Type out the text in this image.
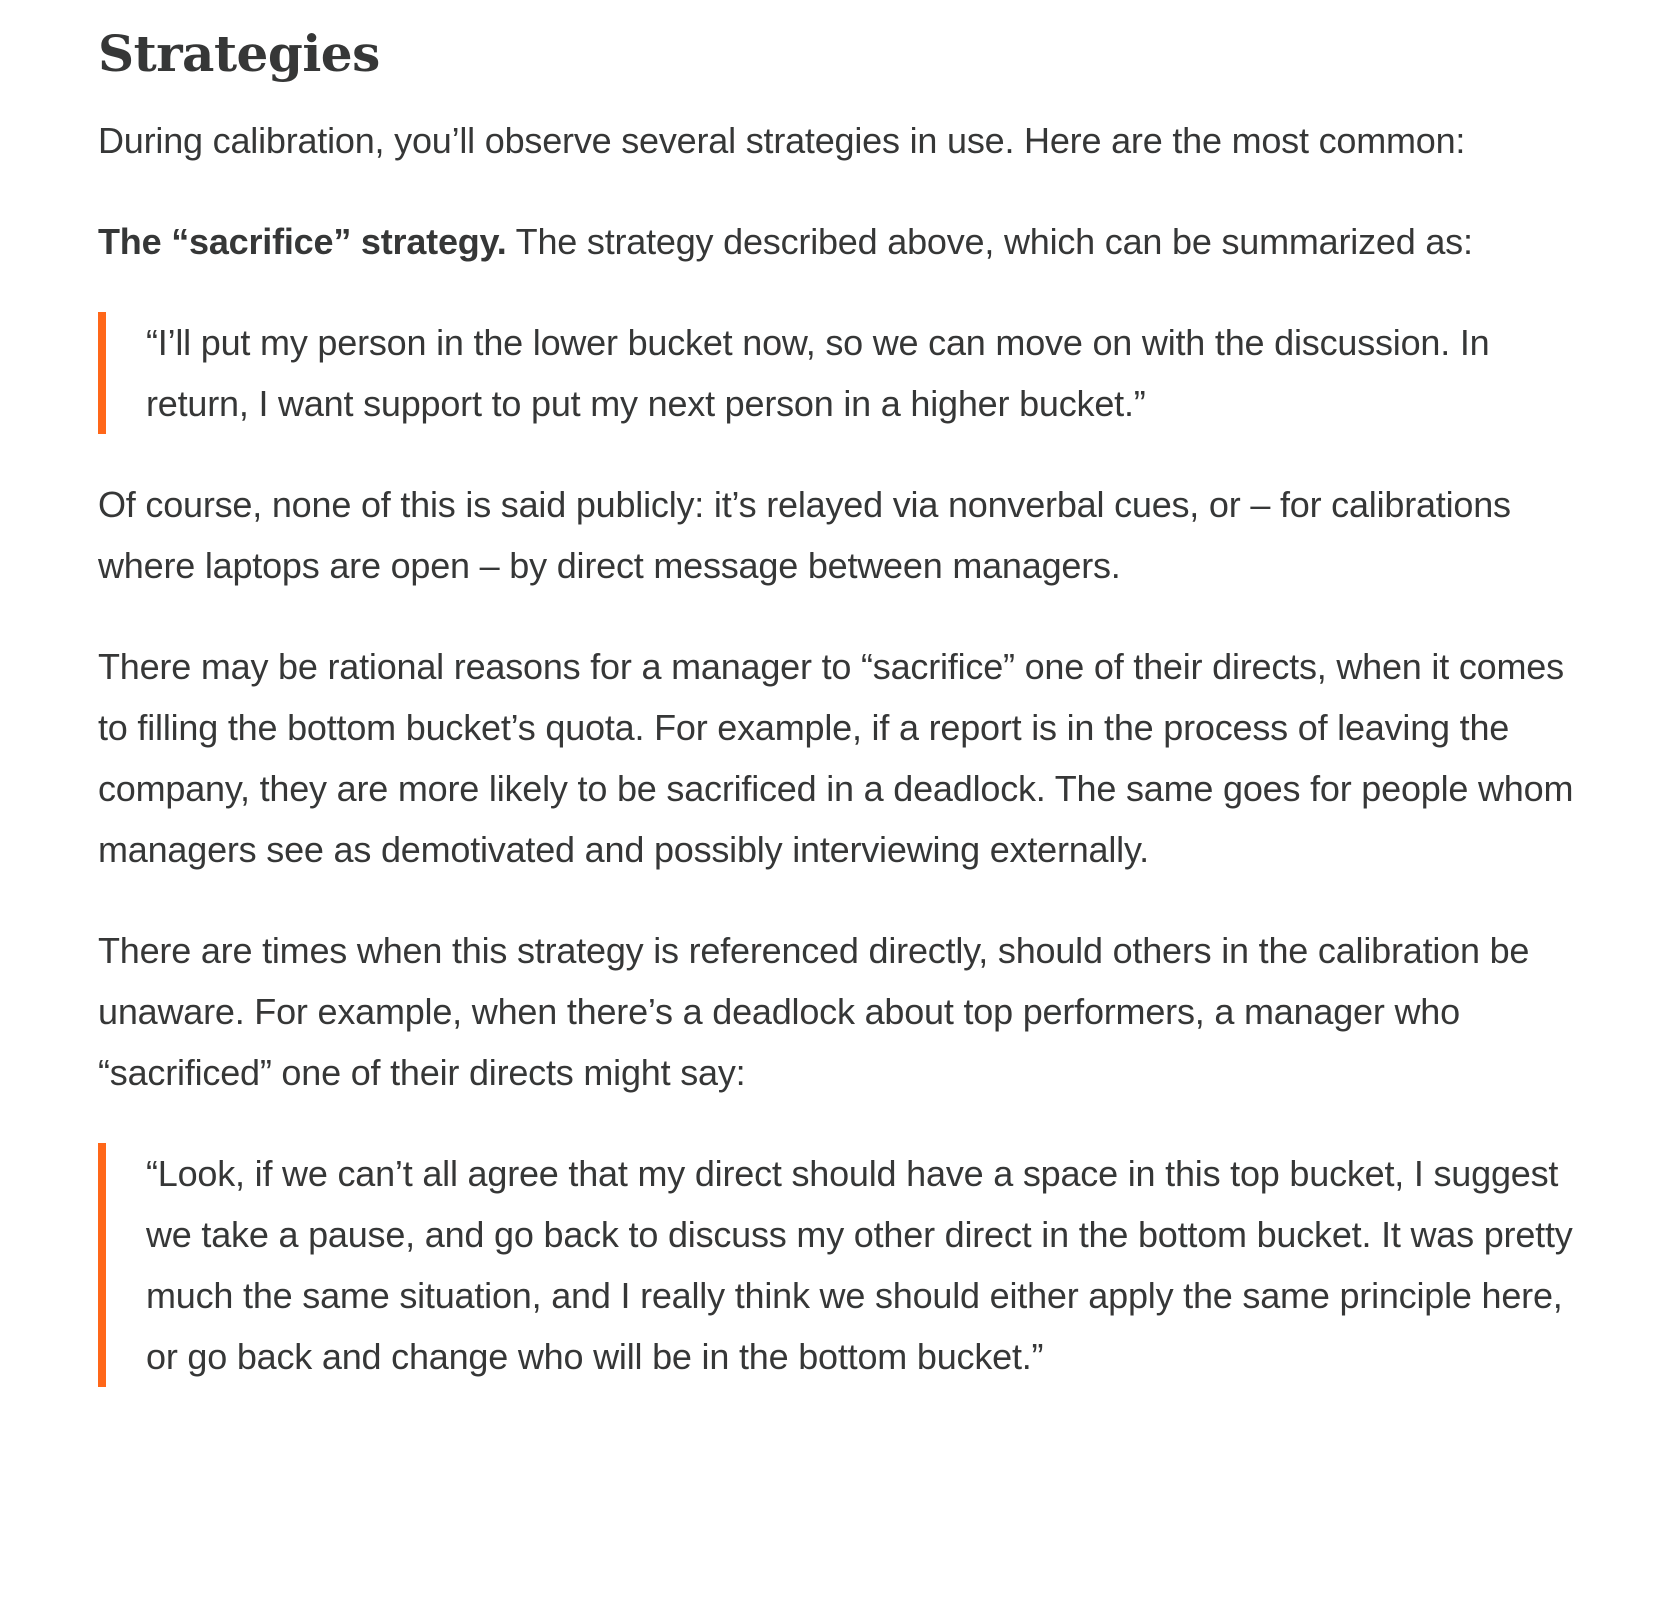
Strategies

During calibration, you’ll observe several strategies in use. Here are the most common:

The “sacrifice” strategy. The strategy described above, which can be summarized as:

“I’ll put my person in the lower bucket now, so we can move on with the discussion. In return, I want support to put my next person in a higher bucket.”

Of course, none of this is said publicly: it’s relayed via nonverbal cues, or – for calibrations where laptops are open – by direct message between managers.

There may be rational reasons for a manager to “sacrifice” one of their directs, when it comes to filling the bottom bucket’s quota. For example, if a report is in the process of leaving the company, they are more likely to be sacrificed in a deadlock. The same goes for people whom managers see as demotivated and possibly interviewing externally.

There are times when this strategy is referenced directly, should others in the calibration be unaware. For example, when there’s a deadlock about top performers, a manager who “sacrificed” one of their directs might say:

“Look, if we can’t all agree that my direct should have a space in this top bucket, I suggest we take a pause, and go back to discuss my other direct in the bottom bucket. It was pretty much the same situation, and I really think we should either apply the same principle here, or go back and change who will be in the bottom bucket.”
